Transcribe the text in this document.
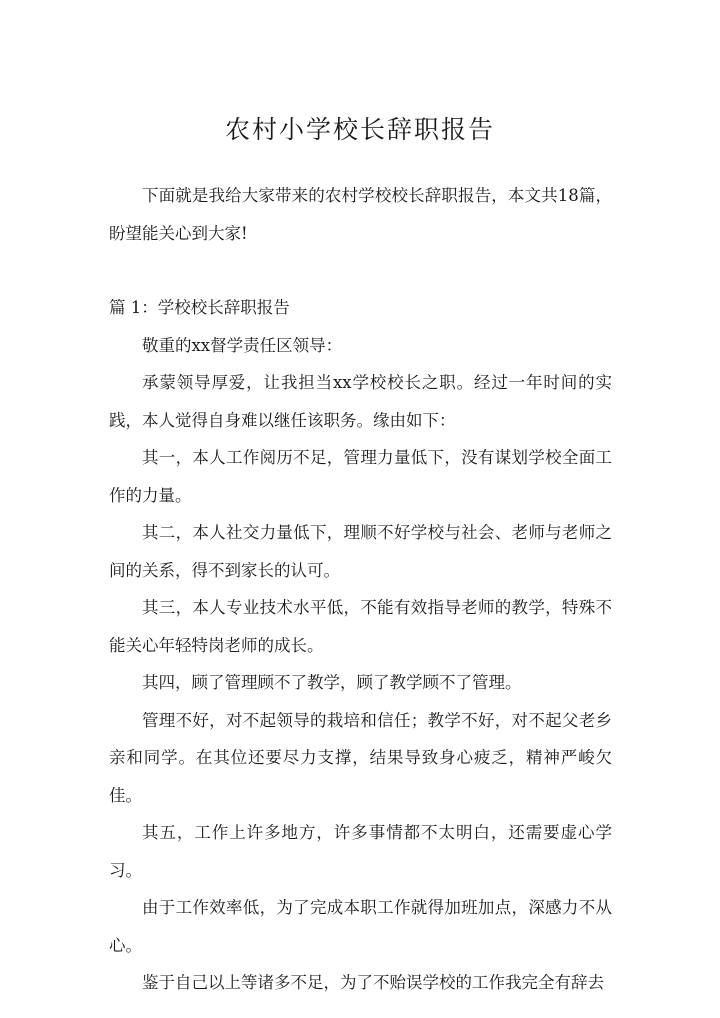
农村小学校长辞职报告

下面就是我给大家带来的农村学校校长辞职报告，本文共18篇，盼望能关心到大家!

篇 1：学校校长辞职报告

敬重的xx督学责任区领导：

承蒙领导厚爱，让我担当xx学校校长之职。经过一年时间的实践，本人觉得自身难以继任该职务。缘由如下：

其一，本人工作阅历不足，管理力量低下，没有谋划学校全面工作的力量。

其二，本人社交力量低下，理顺不好学校与社会、老师与老师之间的关系，得不到家长的认可。

其三，本人专业技术水平低，不能有效指导老师的教学，特殊不能关心年轻特岗老师的成长。

其四，顾了管理顾不了教学，顾了教学顾不了管理。

管理不好，对不起领导的栽培和信任；教学不好，对不起父老乡亲和同学。在其位还要尽力支撑，结果导致身心疲乏，精神严峻欠佳。

其五，工作上许多地方，许多事情都不太明白，还需要虚心学习。

由于工作效率低，为了完成本职工作就得加班加点，深感力不从心。

鉴于自己以上等诸多不足，为了不贻误学校的工作我完全有辞去
